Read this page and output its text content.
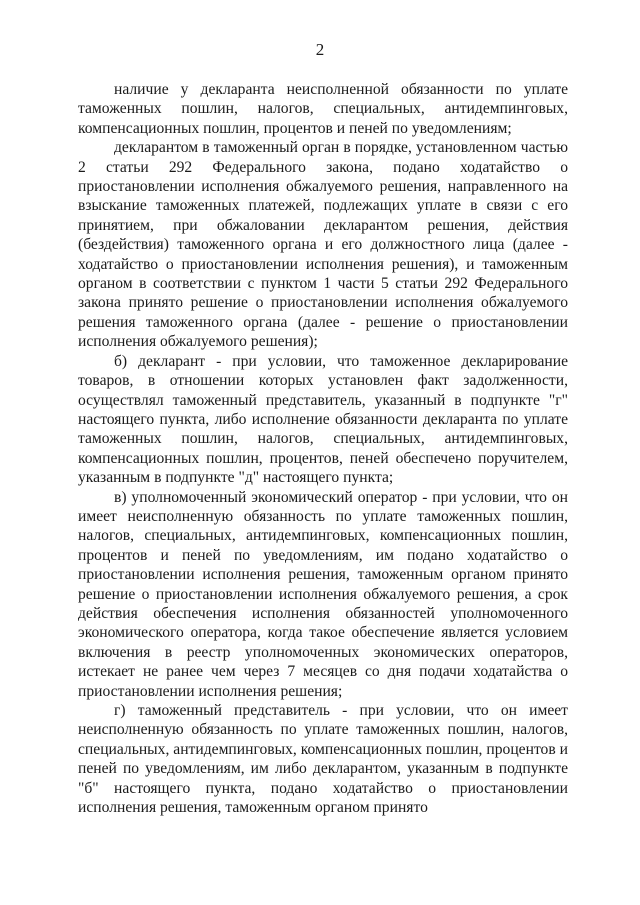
2

наличие у декларанта неисполненной обязанности по уплате таможенных пошлин, налогов, специальных, антидемпинговых, компенсационных пошлин, процентов и пеней по уведомлениям;

декларантом в таможенный орган в порядке, установленном частью 2 статьи 292 Федерального закона, подано ходатайство о приостановлении исполнения обжалуемого решения, направленного на взыскание таможенных платежей, подлежащих уплате в связи с его принятием, при обжаловании декларантом решения, действия (бездействия) таможенного органа и его должностного лица (далее - ходатайство о приостановлении исполнения решения), и таможенным органом в соответствии с пунктом 1 части 5 статьи 292 Федерального закона принято решение о приостановлении исполнения обжалуемого решения таможенного органа (далее - решение о приостановлении исполнения обжалуемого решения);

б) декларант - при условии, что таможенное декларирование товаров, в отношении которых установлен факт задолженности, осуществлял таможенный представитель, указанный в подпункте "г" настоящего пункта, либо исполнение обязанности декларанта по уплате таможенных пошлин, налогов, специальных, антидемпинговых, компенсационных пошлин, процентов, пеней обеспечено поручителем, указанным в подпункте "д" настоящего пункта;

в) уполномоченный экономический оператор - при условии, что он имеет неисполненную обязанность по уплате таможенных пошлин, налогов, специальных, антидемпинговых, компенсационных пошлин, процентов и пеней по уведомлениям, им подано ходатайство о приостановлении исполнения решения, таможенным органом принято решение о приостановлении исполнения обжалуемого решения, а срок действия обеспечения исполнения обязанностей уполномоченного экономического оператора, когда такое обеспечение является условием включения в реестр уполномоченных экономических операторов, истекает не ранее чем через 7 месяцев со дня подачи ходатайства о приостановлении исполнения решения;

г) таможенный представитель - при условии, что он имеет неисполненную обязанность по уплате таможенных пошлин, налогов, специальных, антидемпинговых, компенсационных пошлин, процентов и пеней по уведомлениям, им либо декларантом, указанным в подпункте "б" настоящего пункта, подано ходатайство о приостановлении исполнения решения, таможенным органом принято
